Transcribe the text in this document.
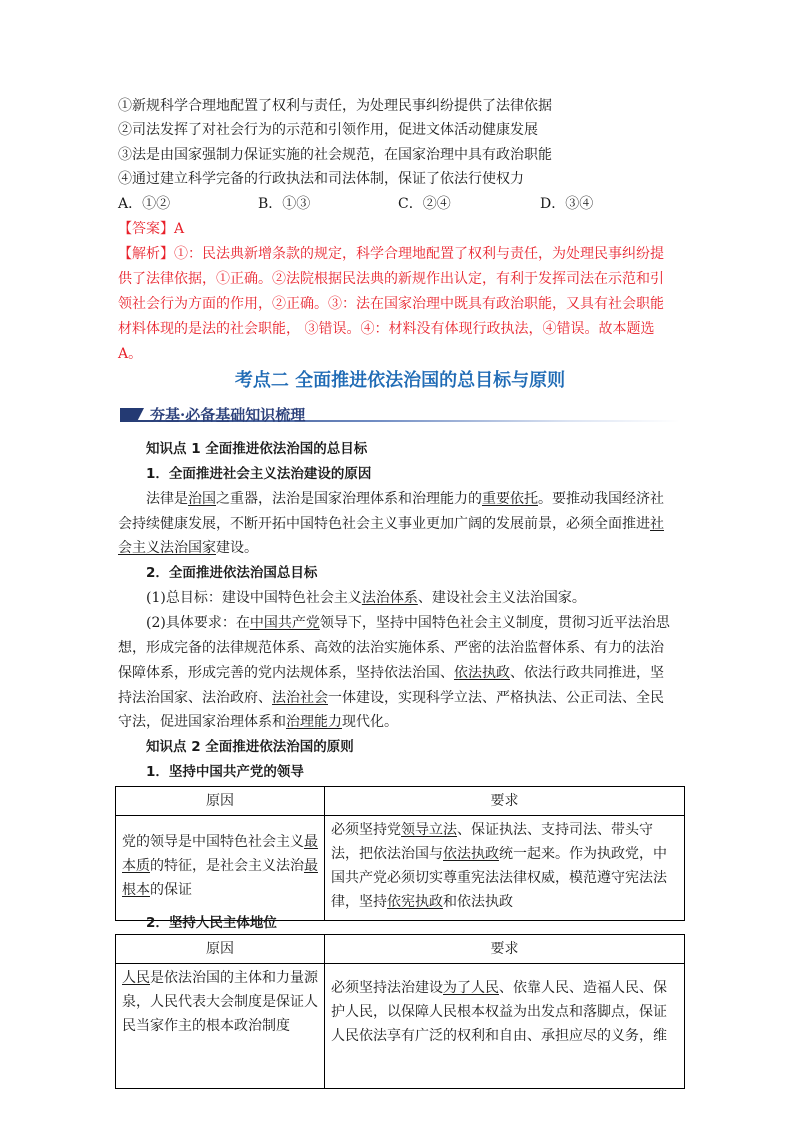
①新规科学合理地配置了权利与责任，为处理民事纠纷提供了法律依据
②司法发挥了对社会行为的示范和引领作用，促进文体活动健康发展
③法是由国家强制力保证实施的社会规范，在国家治理中具有政治职能
④通过建立科学完备的行政执法和司法体制，保证了依法行使权力
A．①②	B．①③	C．②④	D．③④
【答案】A
【解析】①：民法典新增条款的规定，科学合理地配置了权利与责任，为处理民事纠纷提
供了法律依据，①正确。②法院根据民法典的新规作出认定，有利于发挥司法在示范和引
领社会行为方面的作用，②正确。③：法在国家治理中既具有政治职能，又具有社会职能
材料体现的是法的社会职能， ③错误。④：材料没有体现行政执法，④错误。故本题选
A。
考点二 全面推进依法治国的总目标与原则
夯基·必备基础知识梳理
知识点 1 全面推进依法治国的总目标
1．全面推进社会主义法治建设的原因
法律是治国之重器，法治是国家治理体系和治理能力的重要依托。要推动我国经济社
会持续健康发展，不断开拓中国特色社会主义事业更加广阔的发展前景，必须全面推进社
会主义法治国家建设。
2．全面推进依法治国总目标
(1)总目标：建设中国特色社会主义法治体系、建设社会主义法治国家。
(2)具体要求：在中国共产党领导下，坚持中国特色社会主义制度，贯彻习近平法治思
想，形成完备的法律规范体系、高效的法治实施体系、严密的法治监督体系、有力的法治
保障体系，形成完善的党内法规体系，坚持依法治国、依法执政、依法行政共同推进，坚
持法治国家、法治政府、法治社会一体建设，实现科学立法、严格执法、公正司法、全民
守法，促进国家治理体系和治理能力现代化。
知识点 2 全面推进依法治国的原则
1．坚持中国共产党的领导
原因	要求
党的领导是中国特色社会主义最本质的特征，是社会主义法治最根本的保证	必须坚持党领导立法、保证执法、支持司法、带头守法，把依法治国与依法执政统一起来。作为执政党，中国共产党必须切实尊重宪法法律权威，模范遵守宪法法律，坚持依宪执政和依法执政
2．坚持人民主体地位
原因	要求
人民是依法治国的主体和力量源泉，人民代表大会制度是保证人民当家作主的根本政治制度	必须坚持法治建设为了人民、依靠人民、造福人民、保护人民，以保障人民根本权益为出发点和落脚点，保证人民依法享有广泛的权利和自由、承担应尽的义务，维
